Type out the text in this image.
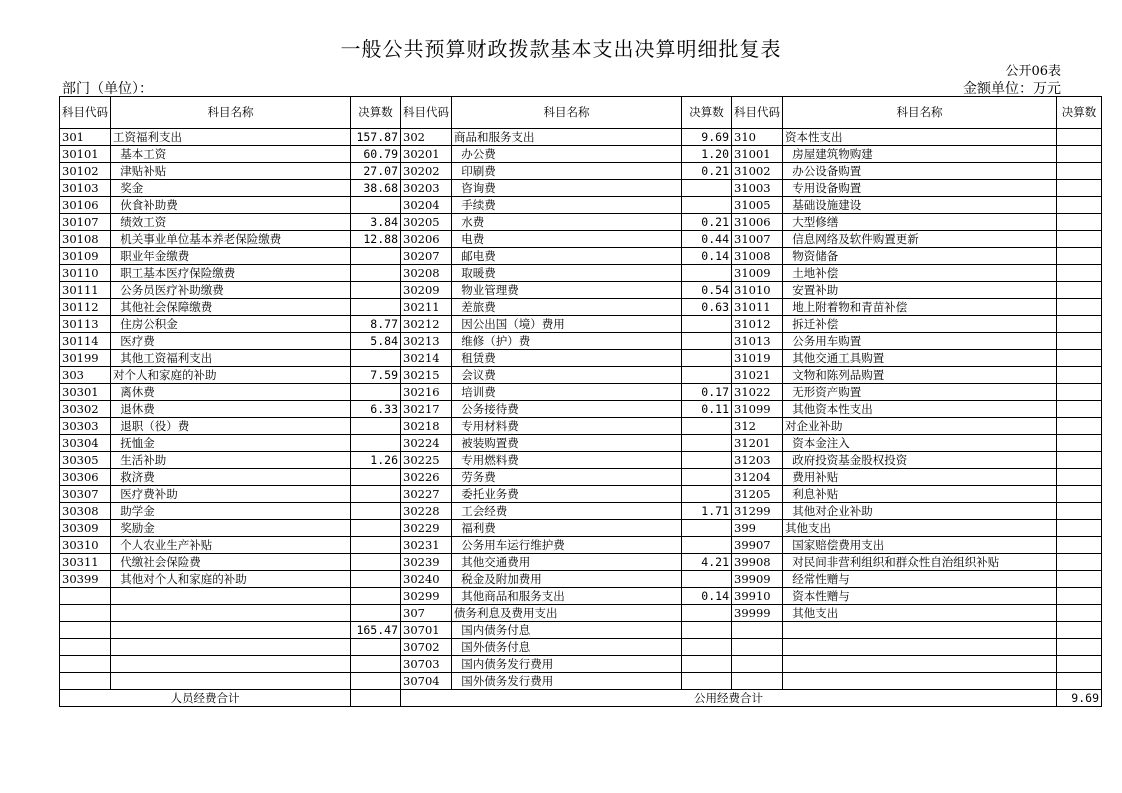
一般公共预算财政拨款基本支出决算明细批复表
公开06表
部门（单位）：	金额单位：万元
科目代码	科目名称	决算数	科目代码	科目名称	决算数	科目代码	科目名称	决算数
301	工资福利支出	157.87	302	商品和服务支出	9.69	310	资本性支出	
30101	基本工资	60.79	30201	办公费	1.20	31001	房屋建筑物购建	
30102	津贴补贴	27.07	30202	印刷费	0.21	31002	办公设备购置	
30103	奖金	38.68	30203	咨询费		31003	专用设备购置	
30106	伙食补助费		30204	手续费		31005	基础设施建设	
30107	绩效工资	3.84	30205	水费	0.21	31006	大型修缮	
30108	机关事业单位基本养老保险缴费	12.88	30206	电费	0.44	31007	信息网络及软件购置更新	
30109	职业年金缴费		30207	邮电费	0.14	31008	物资储备	
30110	职工基本医疗保险缴费		30208	取暖费		31009	土地补偿	
30111	公务员医疗补助缴费		30209	物业管理费	0.54	31010	安置补助	
30112	其他社会保障缴费		30211	差旅费	0.63	31011	地上附着物和青苗补偿	
30113	住房公积金	8.77	30212	因公出国（境）费用		31012	拆迁补偿	
30114	医疗费	5.84	30213	维修（护）费		31013	公务用车购置	
30199	其他工资福利支出		30214	租赁费		31019	其他交通工具购置	
303	对个人和家庭的补助	7.59	30215	会议费		31021	文物和陈列品购置	
30301	离休费		30216	培训费	0.17	31022	无形资产购置	
30302	退休费	6.33	30217	公务接待费	0.11	31099	其他资本性支出	
30303	退职（役）费		30218	专用材料费		312	对企业补助	
30304	抚恤金		30224	被装购置费		31201	资本金注入	
30305	生活补助	1.26	30225	专用燃料费		31203	政府投资基金股权投资	
30306	救济费		30226	劳务费		31204	费用补贴	
30307	医疗费补助		30227	委托业务费		31205	利息补贴	
30308	助学金		30228	工会经费	1.71	31299	其他对企业补助	
30309	奖励金		30229	福利费		399	其他支出	
30310	个人农业生产补贴		30231	公务用车运行维护费		39907	国家赔偿费用支出	
30311	代缴社会保险费		30239	其他交通费用	4.21	39908	对民间非营利组织和群众性自治组织补贴	
30399	其他对个人和家庭的补助		30240	税金及附加费用		39909	经常性赠与	
			30299	其他商品和服务支出	0.14	39910	资本性赠与	
			307	债务利息及费用支出		39999	其他支出	
		165.47	30701	国内债务付息				
			30702	国外债务付息				
			30703	国内债务发行费用				
			30704	国外债务发行费用				
人员经费合计			公用经费合计					9.69
